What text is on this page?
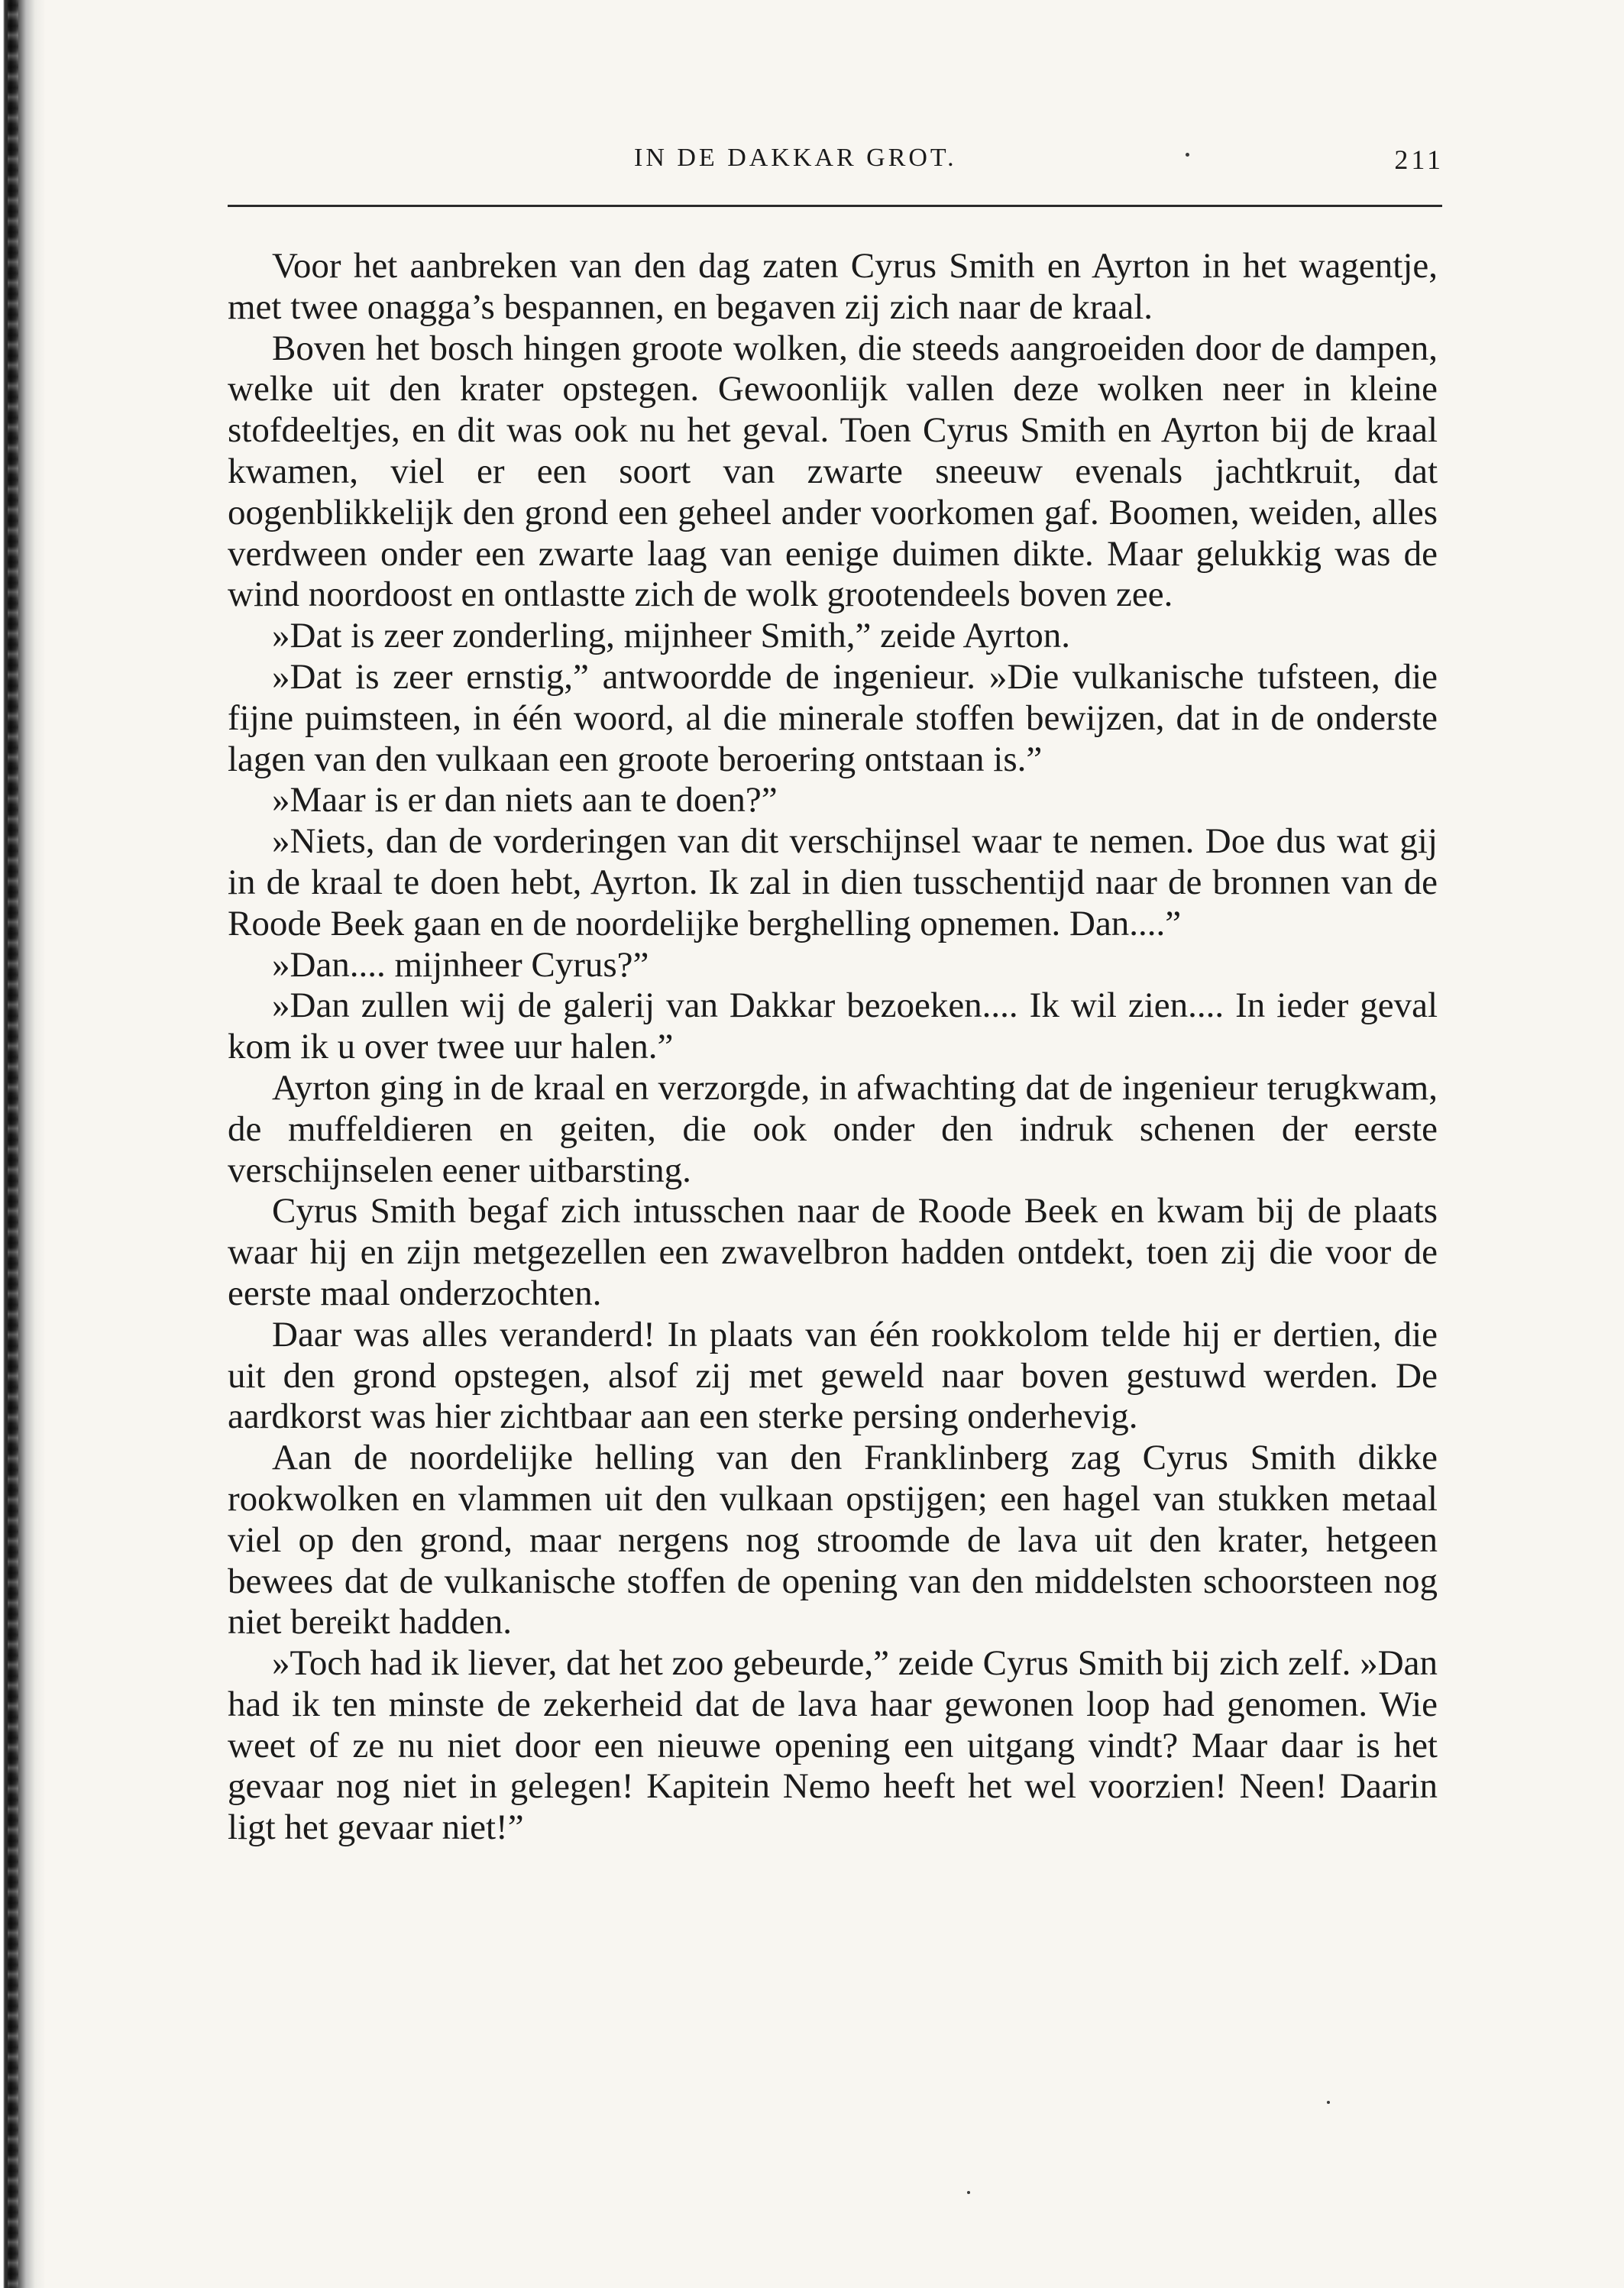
IN DE DAKKAR GROT.	211

Voor het aanbreken van den dag zaten Cyrus Smith en Ayrton in het wagentje, met twee onagga’s bespannen, en begaven zij zich naar de kraal.

Boven het bosch hingen groote wolken, die steeds aangroeiden door de dampen, welke uit den krater opstegen. Gewoonlijk vallen deze wolken neer in kleine stofdeeltjes, en dit was ook nu het geval. Toen Cyrus Smith en Ayrton bij de kraal kwamen, viel er een soort van zwarte sneeuw evenals jachtkruit, dat oogenblikkelijk den grond een geheel ander voorkomen gaf. Boomen, weiden, alles verdween onder een zwarte laag van eenige duimen dikte. Maar gelukkig was de wind noordoost en ontlastte zich de wolk grootendeels boven zee.

»Dat is zeer zonderling, mijnheer Smith,” zeide Ayrton.

»Dat is zeer ernstig,” antwoordde de ingenieur. »Die vulkanische tufsteen, die fijne puimsteen, in één woord, al die minerale stoffen bewijzen, dat in de onderste lagen van den vulkaan een groote beroering ontstaan is.”

»Maar is er dan niets aan te doen?”

»Niets, dan de vorderingen van dit verschijnsel waar te nemen. Doe dus wat gij in de kraal te doen hebt, Ayrton. Ik zal in dien tusschentijd naar de bronnen van de Roode Beek gaan en de noordelijke berghelling opnemen. Dan....”

»Dan.... mijnheer Cyrus?”

»Dan zullen wij de galerij van Dakkar bezoeken.... Ik wil zien.... In ieder geval kom ik u over twee uur halen.”

Ayrton ging in de kraal en verzorgde, in afwachting dat de ingenieur terugkwam, de muffeldieren en geiten, die ook onder den indruk schenen der eerste verschijnselen eener uitbarsting.

Cyrus Smith begaf zich intusschen naar de Roode Beek en kwam bij de plaats waar hij en zijn metgezellen een zwavelbron hadden ontdekt, toen zij die voor de eerste maal onderzochten.

Daar was alles veranderd! In plaats van één rookkolom telde hij er dertien, die uit den grond opstegen, alsof zij met geweld naar boven gestuwd werden. De aardkorst was hier zichtbaar aan een sterke persing onderhevig.

Aan de noordelijke helling van den Franklinberg zag Cyrus Smith dikke rookwolken en vlammen uit den vulkaan opstijgen; een hagel van stukken metaal viel op den grond, maar nergens nog stroomde de lava uit den krater, hetgeen bewees dat de vulkanische stoffen de opening van den middelsten schoorsteen nog niet bereikt hadden.

»Toch had ik liever, dat het zoo gebeurde,” zeide Cyrus Smith bij zich zelf. »Dan had ik ten minste de zekerheid dat de lava haar gewonen loop had genomen. Wie weet of ze nu niet door een nieuwe opening een uitgang vindt? Maar daar is het gevaar nog niet in gelegen! Kapitein Nemo heeft het wel voorzien! Neen! Daarin ligt het gevaar niet!”
